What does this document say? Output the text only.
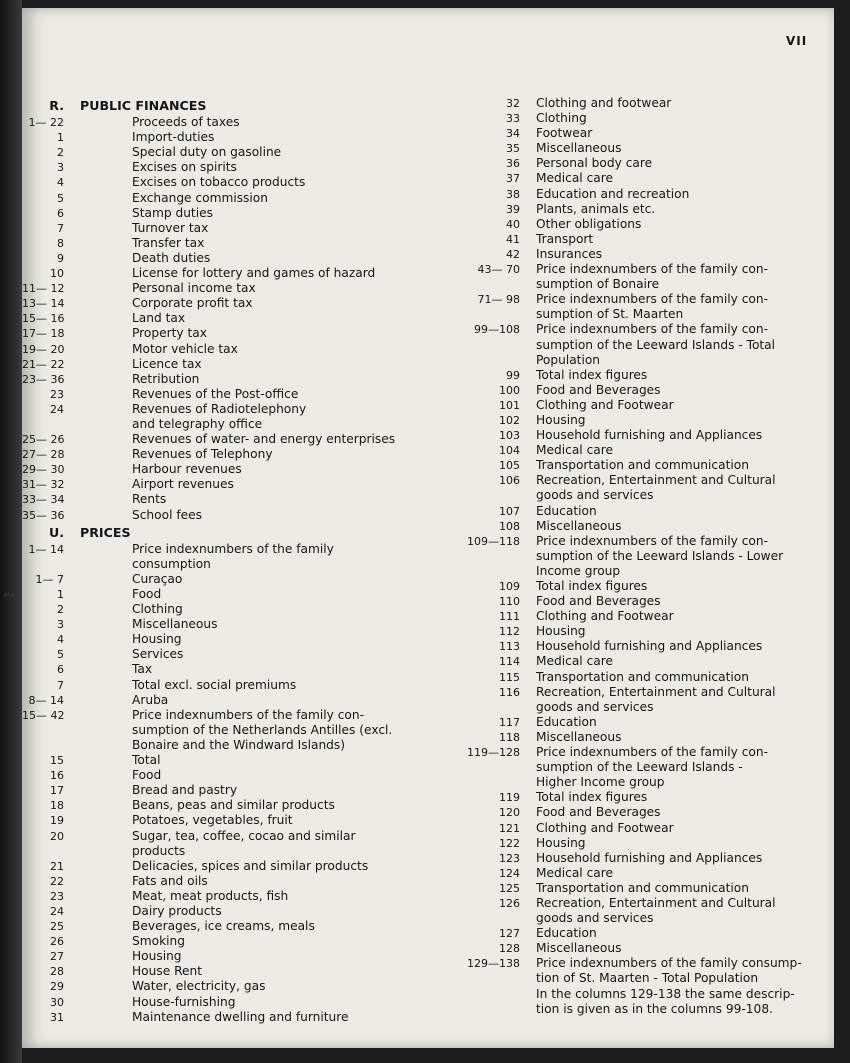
VII
R.	PUBLIC FINANCES
1— 22	Proceeds of taxes
1	Import-duties
2	Special duty on gasoline
3	Excises on spirits
4	Excises on tobacco products
5	Exchange commission
6	Stamp duties
7	Turnover tax
8	Transfer tax
9	Death duties
10	License for lottery and games of hazard
11— 12	Personal income tax
13— 14	Corporate profit tax
15— 16	Land tax
17— 18	Property tax
19— 20	Motor vehicle tax
21— 22	Licence tax
23— 36	Retribution
23	Revenues of the Post-office
24	Revenues of Radiotelephony
and telegraphy office
25— 26	Revenues of water- and energy enterprises
27— 28	Revenues of Telephony
29— 30	Harbour revenues
31— 32	Airport revenues
33— 34	Rents
35— 36	School fees
U.	PRICES
1— 14	Price indexnumbers of the family
consumption
1— 7	Curaçao
1	Food
2	Clothing
3	Miscellaneous
4	Housing
5	Services
6	Tax
7	Total excl. social premiums
8— 14	Aruba
15— 42	Price indexnumbers of the family con-
sumption of the Netherlands Antilles (excl.
Bonaire and the Windward Islands)
15	Total
16	Food
17	Bread and pastry
18	Beans, peas and similar products
19	Potatoes, vegetables, fruit
20	Sugar, tea, coffee, cocao and similar
products
21	Delicacies, spices and similar products
22	Fats and oils
23	Meat, meat products, fish
24	Dairy products
25	Beverages, ice creams, meals
26	Smoking
27	Housing
28	House Rent
29	Water, electricity, gas
30	House-furnishing
31	Maintenance dwelling and furniture
32	Clothing and footwear
33	Clothing
34	Footwear
35	Miscellaneous
36	Personal body care
37	Medical care
38	Education and recreation
39	Plants, animals etc.
40	Other obligations
41	Transport
42	Insurances
43— 70	Price indexnumbers of the family con-
sumption of Bonaire
71— 98	Price indexnumbers of the family con-
sumption of St. Maarten
99—108	Price indexnumbers of the family con-
sumption of the Leeward Islands - Total
Population
99	Total index figures
100	Food and Beverages
101	Clothing and Footwear
102	Housing
103	Household furnishing and Appliances
104	Medical care
105	Transportation and communication
106	Recreation, Entertainment and Cultural
goods and services
107	Education
108	Miscellaneous
109—118	Price indexnumbers of the family con-
sumption of the Leeward Islands - Lower
Income group
109	Total index figures
110	Food and Beverages
111	Clothing and Footwear
112	Housing
113	Household furnishing and Appliances
114	Medical care
115	Transportation and communication
116	Recreation, Entertainment and Cultural
goods and services
117	Education
118	Miscellaneous
119—128	Price indexnumbers of the family con-
sumption of the Leeward Islands -
Higher Income group
119	Total index figures
120	Food and Beverages
121	Clothing and Footwear
122	Housing
123	Household furnishing and Appliances
124	Medical care
125	Transportation and communication
126	Recreation, Entertainment and Cultural
goods and services
127	Education
128	Miscellaneous
129—138	Price indexnumbers of the family consump-
tion of St. Maarten - Total Population
In the columns 129-138 the same descrip-
tion is given as in the columns 99-108.
ata
